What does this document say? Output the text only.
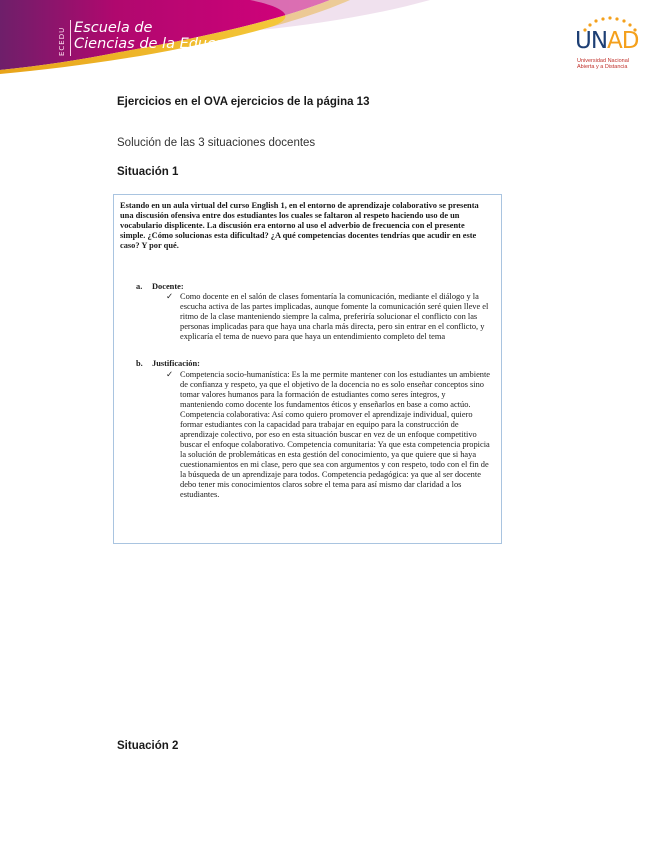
ECEDU Escuela de
Ciencias de la Educación	UNAD
Universidad Nacional
Abierta y a Distancia
Ejercicios en el OVA ejercicios de la página 13
Solución de las 3 situaciones docentes
Situación 1
Estando en un aula virtual del curso English 1, en el entorno de aprendizaje colaborativo se presenta una discusión ofensiva entre dos estudiantes los cuales se faltaron al respeto haciendo uso de un vocabulario displicente. La discusión era entorno al uso el adverbio de frecuencia con el presente simple. ¿Cómo solucionas esta dificultad? ¿A qué competencias docentes tendrías que acudir en este caso? Y por qué.
a. Docente:
✓ Como docente en el salón de clases fomentaría la comunicación, mediante el diálogo y la escucha activa de las partes implicadas, aunque fomente la comunicación seré quien lleve el ritmo de la clase manteniendo siempre la calma, preferiría solucionar el conflicto con las personas implicadas para que haya una charla más directa, pero sin entrar en el conflicto, y explicaría el tema de nuevo para que haya un entendimiento completo del tema
b. Justificación:
✓ Competencia socio-humanística: Es la me permite mantener con los estudiantes un ambiente de confianza y respeto, ya que el objetivo de la docencia no es solo enseñar conceptos sino tomar valores humanos para la formación de estudiantes como seres íntegros, y manteniendo como docente los fundamentos éticos y enseñarlos en base a como actúo. Competencia colaborativa: Así como quiero promover el aprendizaje individual, quiero formar estudiantes con la capacidad para trabajar en equipo para la construcción de aprendizaje colectivo, por eso en esta situación buscar en vez de un enfoque competitivo buscar el enfoque colaborativo. Competencia comunitaria: Ya que esta competencia propicia la solución de problemáticas en esta gestión del conocimiento, ya que quiere que si haya cuestionamientos en mi clase, pero que sea con argumentos y con respeto, todo con el fin de la búsqueda de un aprendizaje para todos. Competencia pedagógica: ya que al ser docente debo tener mis conocimientos claros sobre el tema para así mismo dar claridad a los estudiantes.
Situación 2
